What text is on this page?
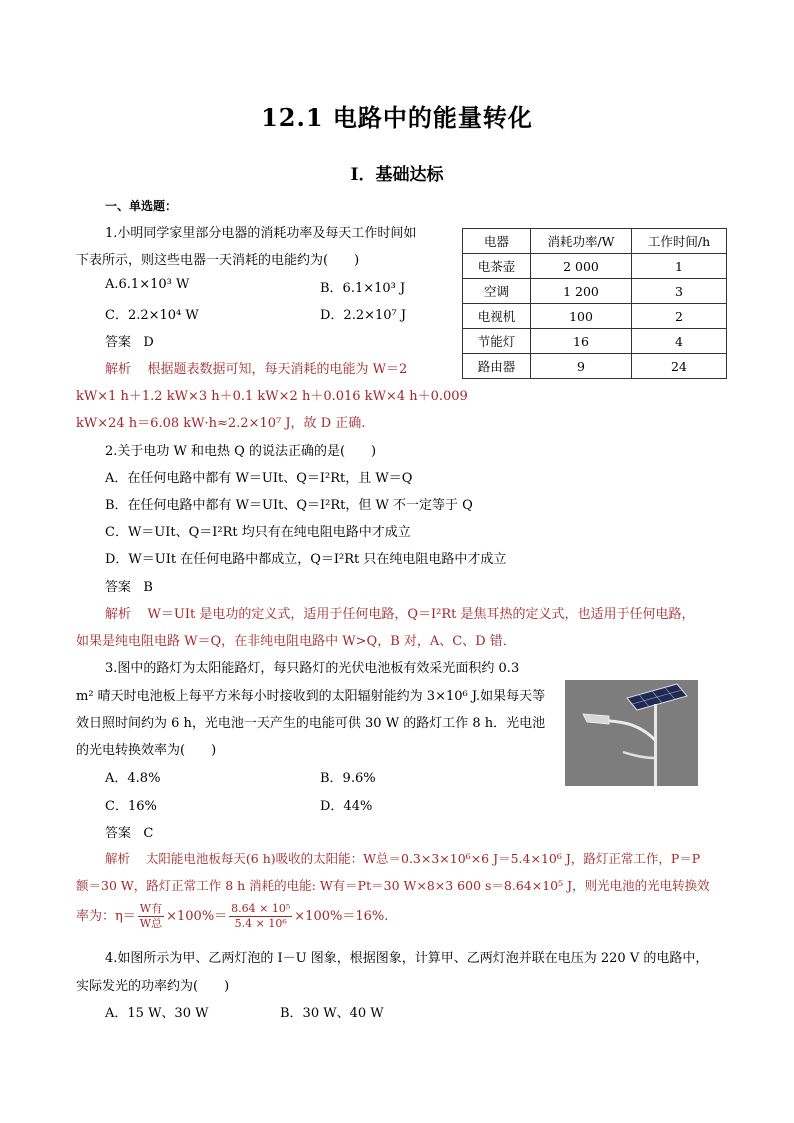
12.1 电路中的能量转化
Ⅰ．基础达标
一、单选题：
1.小明同学家里部分电器的消耗功率及每天工作时间如
下表所示，则这些电器一天消耗的电能约为(　　)
A.6.1×10³ W	B．6.1×10³ J
C．2.2×10⁴ W	D．2.2×10⁷ J
答案 D
解析 根据题表数据可知，每天消耗的电能为 W＝2
kW×1 h＋1.2 kW×3 h＋0.1 kW×2 h＋0.016 kW×4 h＋0.009
kW×24 h＝6.08 kW·h≈2.2×10⁷ J，故 D 正确.
电器	消耗功率/W	工作时间/h
电茶壶	2 000	1
空调	1 200	3
电视机	100	2
节能灯	16	4
路由器	9	24
2.关于电功 W 和电热 Q 的说法正确的是(　　)
A．在任何电路中都有 W＝UIt、Q＝I²Rt，且 W＝Q
B．在任何电路中都有 W＝UIt、Q＝I²Rt，但 W 不一定等于 Q
C．W＝UIt、Q＝I²Rt 均只有在纯电阻电路中才成立
D．W＝UIt 在任何电路中都成立，Q＝I²Rt 只在纯电阻电路中才成立
答案 B
解析 W＝UIt 是电功的定义式，适用于任何电路，Q＝I²Rt 是焦耳热的定义式，也适用于任何电路，
如果是纯电阻电路 W＝Q，在非纯电阻电路中 W>Q，B 对，A、C、D 错．
3.图中的路灯为太阳能路灯，每只路灯的光伏电池板有效采光面积约 0.3
m² 晴天时电池板上每平方米每小时接收到的太阳辐射能约为 3×10⁶ J.如果每天等
效日照时间约为 6 h，光电池一天产生的电能可供 30 W 的路灯工作 8 h．光电池
的光电转换效率为(　　)
A．4.8%	B．9.6%
C．16%	D．44%
答案 C
解析 太阳能电池板每天(6 h)吸收的太阳能：W总＝0.3×3×10⁶×6 J＝5.4×10⁶ J，路灯正常工作，P＝P
额＝30 W，路灯正常工作 8 h 消耗的电能: W有＝Pt＝30 W×8×3 600 s＝8.64×10⁵ J，则光电池的光电转换效
率为：$\eta= \frac{\text{W有}}{\text{W总}} \times 100\%= \frac{\text{8.64 × 10⁵}}{\text{5.4 × 10⁶}} \times 100\%=16\%$.
4.如图所示为甲、乙两灯泡的 I－U 图象，根据图象，计算甲、乙两灯泡并联在电压为 220 V 的电路中，
实际发光的功率约为(　　)
A．15 W、30 W	B．30 W、40 W
